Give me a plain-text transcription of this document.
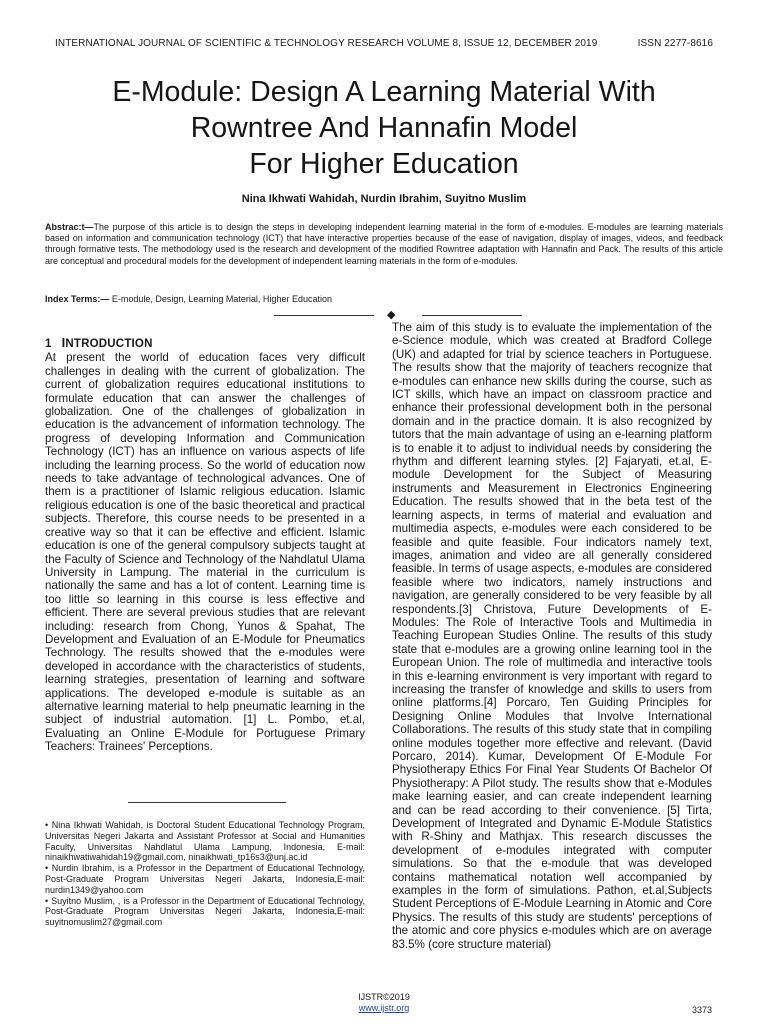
INTERNATIONAL JOURNAL OF SCIENTIFIC & TECHNOLOGY RESEARCH VOLUME 8, ISSUE 12, DECEMBER 2019	ISSN 2277-8616
E-Module: Design A Learning Material With
Rowntree And Hannafin Model
For Higher Education
Nina Ikhwati Wahidah, Nurdin Ibrahim, Suyitno Muslim
Abstrac:t—The purpose of this article is to design the steps in developing independent learning material in the form of e-modules. E-modules are learning materials based on information and communication technology (ICT) that have interactive properties because of the ease of navigation, display of images, videos, and feedback through formative tests. The methodology used is the research and development of the modified Rowntree adaptation with Hannafin and Pack. The results of this article are conceptual and procedural models for the development of independent learning materials in the form of e-modules.
Index Terms:— E-module, Design, Learning Material, Higher Education
◆
1 INTRODUCTION

At present the world of education faces very difficult challenges in dealing with the current of globalization. The current of globalization requires educational institutions to formulate education that can answer the challenges of globalization. One of the challenges of globalization in education is the advancement of information technology. The progress of developing Information and Communication Technology (ICT) has an influence on various aspects of life including the learning process. So the world of education now needs to take advantage of technological advances. One of them is a practitioner of Islamic religious education. Islamic religious education is one of the basic theoretical and practical subjects. Therefore, this course needs to be presented in a creative way so that it can be effective and efficient. Islamic education is one of the general compulsory subjects taught at the Faculty of Science and Technology of the Nahdlatul Ulama University in Lampung. The material in the curriculum is nationally the same and has a lot of content. Learning time is too little so learning in this course is less effective and efficient. There are several previous studies that are relevant including: research from Chong, Yunos & Spahat, The Development and Evaluation of an E-Module for Pneumatics Technology. The results showed that the e-modules were developed in accordance with the characteristics of students, learning strategies, presentation of learning and software applications. The developed e-module is suitable as an alternative learning material to help pneumatic learning in the subject of industrial automation. [1] L. Pombo, et.al, Evaluating an Online E-Module for Portuguese Primary Teachers: Trainees' Perceptions.

• Nina Ikhwati Wahidah, is Doctoral Student Educational Technology Program, Universitas Negeri Jakarta and Assistant Professor at Social and Humanities Faculty, Universitas Nahdlatul Ulama Lampung, Indonesia, E-mail: ninaikhwatiwahidah19@gmail.com, ninaikhwati_tp16s3@unj.ac.id

• Nurdin Ibrahim, is a Professor in the Department of Educational Technology, Post-Graduate Program Universitas Negeri Jakarta, Indonesia,E-mail: nurdin1349@yahoo.com

• Suyitno Muslim, , is a Professor in the Department of Educational Technology, Post-Graduate Program Universitas Negeri Jakarta, Indonesia,E-mail: suyitnomuslim27@gmail.com

The aim of this study is to evaluate the implementation of the e-Science module, which was created at Bradford College (UK) and adapted for trial by science teachers in Portuguese. The results show that the majority of teachers recognize that e-modules can enhance new skills during the course, such as ICT skills, which have an impact on classroom practice and enhance their professional development both in the personal domain and in the practice domain. It is also recognized by tutors that the main advantage of using an e-learning platform is to enable it to adjust to individual needs by considering the rhythm and different learning styles. [2] Fajaryati, et.al, E-module Development for the Subject of Measuring instruments and Measurement in Electronics Engineering Education. The results showed that in the beta test of the learning aspects, in terms of material and evaluation and multimedia aspects, e-modules were each considered to be feasible and quite feasible. Four indicators namely text, images, animation and video are all generally considered feasible. In terms of usage aspects, e-modules are considered feasible where two indicators, namely instructions and navigation, are generally considered to be very feasible by all respondents.[3] Christova, Future Developments of E-Modules: The Role of Interactive Tools and Multimedia in Teaching European Studies Online. The results of this study state that e-modules are a growing online learning tool in the European Union. The role of multimedia and interactive tools in this e-learning environment is very important with regard to increasing the transfer of knowledge and skills to users from online platforms.[4] Porcaro, Ten Guiding Principles for Designing Online Modules that Involve International Collaborations. The results of this study state that in compiling online modules together more effective and relevant. (David Porcaro, 2014). Kumar, Development Of E-Module For Physiotherapy Ethics For Final Year Students Of Bachelor Of Physiotherapy: A Pilot study. The results show that e-Modules make learning easier, and can create independent learning and can be read according to their convenience. [5] Tirta, Development of Integrated and Dynamic E-Module Statistics with R-Shiny and Mathjax. This research discusses the development of e-modules integrated with computer simulations. So that the e-module that was developed contains mathematical notation well accompanied by examples in the form of simulations. Pathon, et.al,Subjects Student Perceptions of E-Module Learning in Atomic and Core Physics. The results of this study are students' perceptions of the atomic and core physics e-modules which are on average 83.5% (core structure material)

3373
IJSTR©2019
www.ijstr.org
